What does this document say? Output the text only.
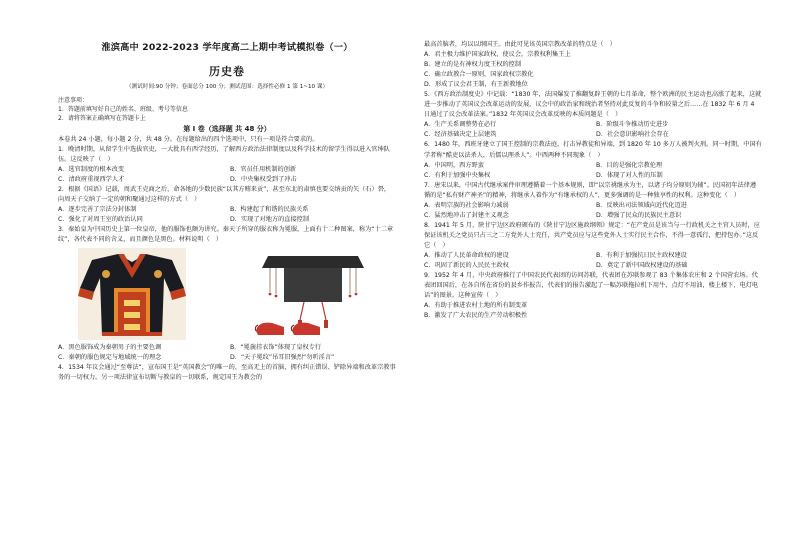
淮滨高中 2022-2023 学年度高二上期中考试模拟卷（一）
历史卷
（测试时间:90 分钟；卷面总分 100 分；测试范围：选择性必修 1 第 1~10 课）
注意事项：
1．答题前填写好自己的姓名、班级、考号等信息
2．请将答案正确填写在答题卡上
第 I 卷（选择题 共 48 分）
本卷共 24 小题，每小题 2 分，共 48 分。在每题给出的四个选项中，只有一项是符合要求的。
1．晚清时期，从留学生中选拔官吏，一大批具有西学经历，了解西方政治法律制度以及科学技术的留学生得以进入官绅队伍。这反映了（　）
A．选官制度的根本改变	B．官员任用机制的创新
C．清政府重视西学人才	D．中央集权受到了冲击
2．根据《国语》记载，周武王克商之后，命各地的少数民族“以其方贿来贡”，甚至东北的肃慎也要交纳贡的矢（石）砮，向周天子交纳了一定的朝和聚通过这样的方式（　）
A．逐步完善了宗法分封体制	B．构建起了和谐的民族关系
C．强化了对周王室的政治认同	D．实现了对地方的直接控制
3．秦始皇为中国历史上第一位皇帝，他的服饰也颇为讲究。秦天子所穿的服衣称为冕服，上面有十二种图案，称为“十二章纹”，各代表不同的含义，而且颜色是黑色。材料说明（　）
A．黑色服饰成为秦朝男子的主要色调	B．“冕旒挂衣饰”体现了皇权专行
C．秦朝的服色规定与地域统一的理念	D．“天子冕纹”吊耳旧强烈“勿听淫言”
4．1534 年议会通过“至尊法”，宣布国王是“英国教会”的唯一的、至高无上的首脑，拥有纠正错误、铲除异端和改革宗教事务的一切权力。另一项法律宣布切断与教皇的一切联系，规定国王为教会的
最高首脑者，均以以纲国王。由此可见该英国宗教改革的特点是（　）
A．君主极力维护国家政权，使议会，宗教权利集王上
B．建立的是有神权力度王权的控制
C．确立政教合一原则，国家政权宗教化
D．形成了议会君王制，有王新教地位
5．《西方政治制度史》中记载：“1830 年，法国爆发了推翻复辟王朝的七月革命，整个欧洲的民主运动也高涨了起来，这就进一步推动了英国议会改革运动的发展，议会中的政治家和统治者坚持对此反复的斗争和较量之后……在 1832 年 6 月 4 日通过了议会改革法案。”1832 年英国议会改革反映的本质问题是（　）
A．生产关系调整势在必行	B．阶级斗争推动历史进步
C．经济基础决定上层建筑	D．社会意识影响社会存在
6．1480 年，西班牙建立了国王控制的宗教法庭，打击异教徒和异端，到 1820 年 10 多万人被判火刑。同一时期，中国有学者称“酷吏以法杀人，后儒以理杀人”。中西两种不同现象（　）
A．中国明，西方野蛮	B．目的是强化宗教伦理
C．有利于加强中央集权	D．体现了对人性的压制
7．唐宋以来，中国古代继承案件审理遵循着一个基本规则，即“以宗祧继承为主，以诸子均分原则为辅”。民国初年法律遵循的是“私有财产神圣”的精神，将继承人着作为“有继承权的人”，更多强调的是一种独享性的权利。这种变化（　）
A．表明宗族的社会影响力减弱	B．反映出司法领域向近代化迈进
C．猛烈地冲击了封建主义观念	D．增强了民众的民族民主意识
8．1941 年 5 月，陕甘宁边区政府颁布的《陕甘宁边区施政纲领》规定：“在产党员是该当与一行政机关之主官人员时，应保证该机关之党员只占三之二方党外人士充任，共产党员应与这些党外人士实行民主合作，不得一意孤行，把持包办。”这反它（　）
A．推动了人民革命政权的建设	B．有利于加强抗日民主政权建设
C．巩固了新民的人民民主政权	D．奠定了新中国政权建设的基础
9．1952 年 4 月，中央政府推行了中国农民代表团的访问苏联，代表团在苏联参观了 83 个集体农庄和 2 个国营农场。代表团回国后，在各自所在省份的县乡作报告，代表们的报告激起了一幅苏联拖拉机下用牛，点灯不用油，楼上楼下，电灯电话”的图景。这种宣传（　）
A．有助于推进农村土地的所有制变革
B．激发了广大农民的生产劳动积极性
